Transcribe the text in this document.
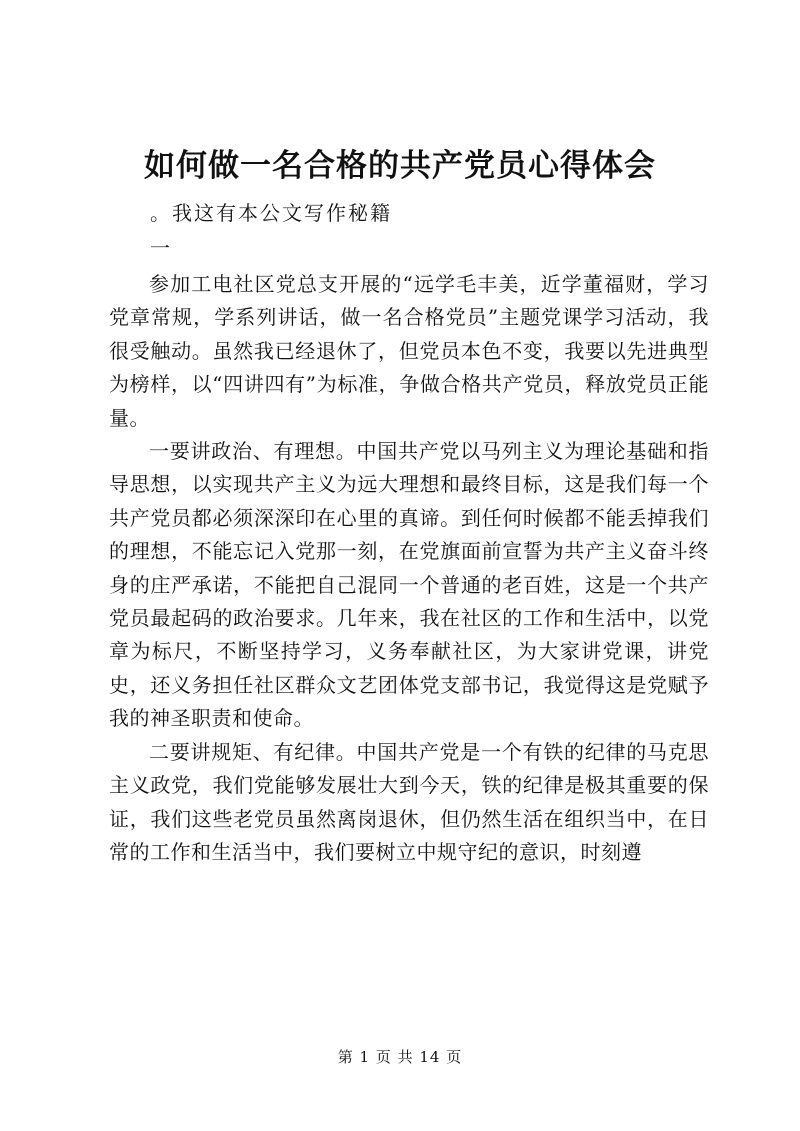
如何做一名合格的共产党员心得体会
。我这有本公文写作秘籍
一

参加工电社区党总支开展的“远学毛丰美，近学董福财，学习党章常规，学系列讲话，做一名合格党员”主题党课学习活动，我很受触动。虽然我已经退休了，但党员本色不变，我要以先进典型为榜样，以“四讲四有”为标准，争做合格共产党员，释放党员正能量。

一要讲政治、有理想。中国共产党以马列主义为理论基础和指导思想，以实现共产主义为远大理想和最终目标，这是我们每一个共产党员都必须深深印在心里的真谛。到任何时候都不能丢掉我们的理想，不能忘记入党那一刻，在党旗面前宣誓为共产主义奋斗终身的庄严承诺，不能把自己混同一个普通的老百姓，这是一个共产党员最起码的政治要求。几年来，我在社区的工作和生活中，以党章为标尺，不断坚持学习，义务奉献社区，为大家讲党课，讲党史，还义务担任社区群众文艺团体党支部书记，我觉得这是党赋予我的神圣职责和使命。

二要讲规矩、有纪律。中国共产党是一个有铁的纪律的马克思主义政党，我们党能够发展壮大到今天，铁的纪律是极其重要的保证，我们这些老党员虽然离岗退休，但仍然生活在组织当中，在日常的工作和生活当中，我们要树立中规守纪的意识，时刻遵

第 1 页 共 14 页
